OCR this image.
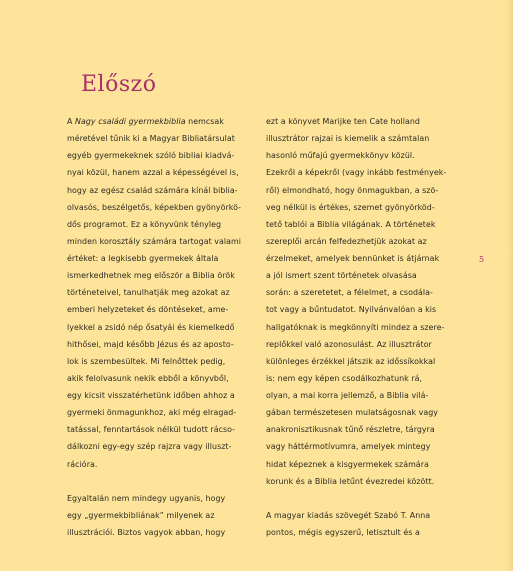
Előszó
A Nagy családi gyermekbiblia nemcsak
méretével tűnik ki a Magyar Bibliatársulat
egyéb gyermekeknek szóló bibliai kiadvá-
nyai közül, hanem azzal a képességével is,
hogy az egész család számára kínál biblia-
olvasós, beszélgetős, képekben gyönyörkö-
dős programot. Ez a könyvünk tényleg
minden korosztály számára tartogat valami
értéket: a legkisebb gyermekek általa
ismerkedhetnek meg először a Biblia örök
történeteivel, tanulhatják meg azokat az
emberi helyzeteket és döntéseket, ame-
lyekkel a zsidó nép ősatyái és kiemelkedő
hithősei, majd később Jézus és az aposto-
lok is szembesültek. Mi felnőttek pedig,
akik felolvasunk nekik ebből a könyvből,
egy kicsit visszatérhetünk időben ahhoz a
gyermeki önmagunkhoz, aki még elragad-
tatással, fenntartások nélkül tudott rácso-
dálkozni egy-egy szép rajzra vagy illuszt-
rációra.
Egyaltalán nem mindegy ugyanis, hogy
egy „gyermekbibliának” milyenek az
illusztrációi. Biztos vagyok abban, hogy
ezt a könyvet Marijke ten Cate holland
illusztrátor rajzai is kiemelik a számtalan
hasonló műfajú gyermekkönyv közül.
Ezekről a képekről (vagy inkább festmények-
ről) elmondható, hogy önmagukban, a szö-
veg nélkül is értékes, szemet gyönyörköd-
tető tablói a Biblia világának. A történetek
szereplői arcán felfedezhetjük azokat az
érzelmeket, amelyek bennünket is átjárnak
a jól ismert szent történetek olvasása
során: a szeretetet, a félelmet, a csodála-
tot vagy a bűntudatot. Nyilvánvalóan a kis
hallgatóknak is megkönnyíti mindez a szere-
replőkkel való azonosulást. Az illusztrátor
különleges érzékkel játszik az időssíkokkal
is: nem egy képen csodálkozhatunk rá,
olyan, a mai korra jellemző, a Biblia vilá-
gában természetesen mulatságosnak vagy
anakronisztikusnak tűnő részletre, tárgyra
vagy háttérmotívumra, amelyek mintegy
hidat képeznek a kisgyermekek számára
korunk és a Biblia letűnt évezredei között.
A magyar kiadás szövegét Szabó T. Anna
pontos, mégis egyszerű, letisztult és a
5
